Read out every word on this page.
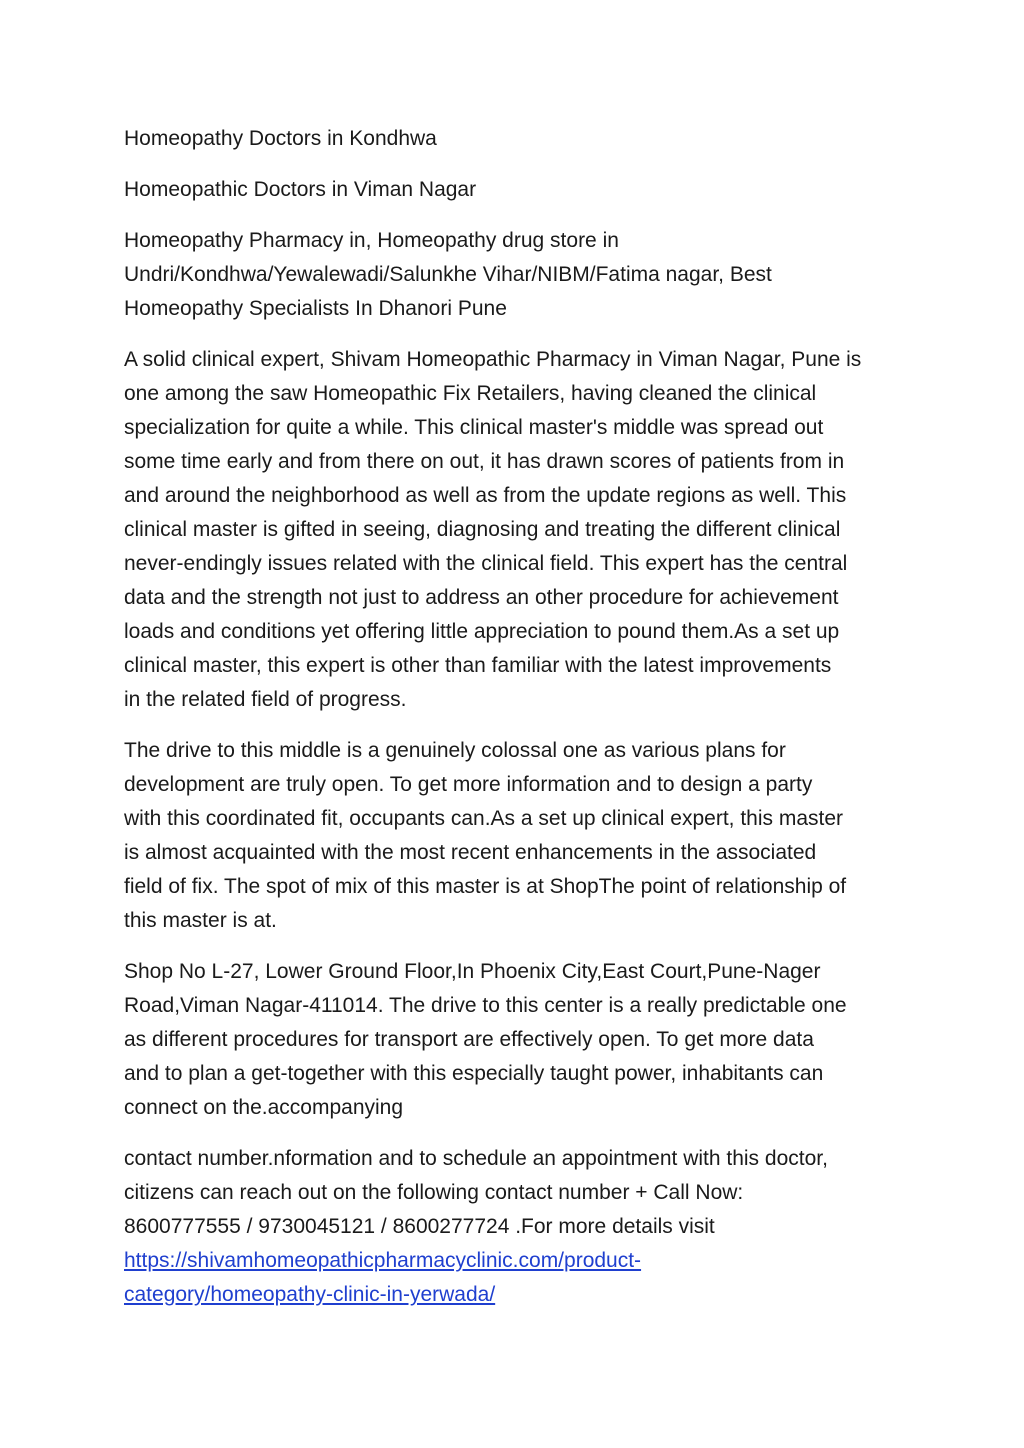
Homeopathy Doctors in Kondhwa

Homeopathic Doctors in Viman Nagar

Homeopathy Pharmacy in, Homeopathy drug store in
Undri/Kondhwa/Yewalewadi/Salunkhe Vihar/NIBM/Fatima nagar, Best
Homeopathy Specialists In Dhanori Pune

A solid clinical expert, Shivam Homeopathic Pharmacy in Viman Nagar, Pune is
one among the saw Homeopathic Fix Retailers, having cleaned the clinical
specialization for quite a while. This clinical master's middle was spread out
some time early and from there on out, it has drawn scores of patients from in
and around the neighborhood as well as from the update regions as well. This
clinical master is gifted in seeing, diagnosing and treating the different clinical
never-endingly issues related with the clinical field. This expert has the central
data and the strength not just to address an other procedure for achievement
loads and conditions yet offering little appreciation to pound them.As a set up
clinical master, this expert is other than familiar with the latest improvements
in the related field of progress.

The drive to this middle is a genuinely colossal one as various plans for
development are truly open. To get more information and to design a party
with this coordinated fit, occupants can.As a set up clinical expert, this master
is almost acquainted with the most recent enhancements in the associated
field of fix. The spot of mix of this master is at ShopThe point of relationship of
this master is at.

Shop No L-27, Lower Ground Floor,In Phoenix City,East Court,Pune-Nager
Road,Viman Nagar-411014. The drive to this center is a really predictable one
as different procedures for transport are effectively open. To get more data
and to plan a get-together with this especially taught power, inhabitants can
connect on the.accompanying

contact number.nformation and to schedule an appointment with this doctor,
citizens can reach out on the following contact number + Call Now:
8600777555 / 9730045121 / 8600277724 .For more details visit
https://shivamhomeopathicpharmacyclinic.com/product-
category/homeopathy-clinic-in-yerwada/
